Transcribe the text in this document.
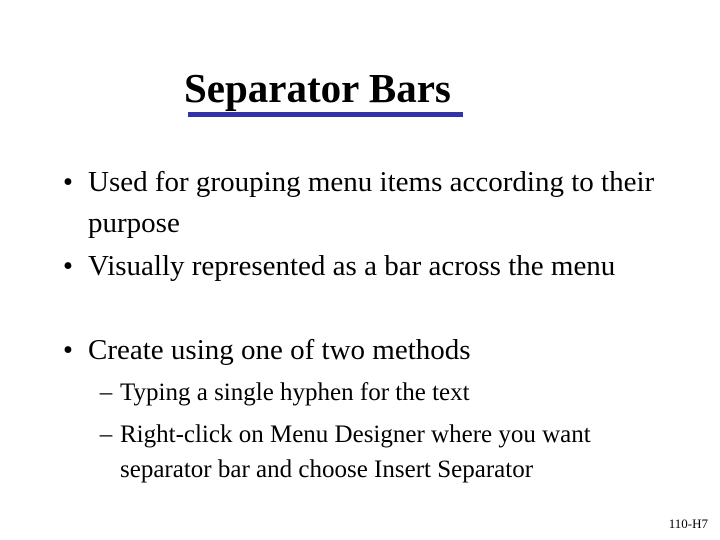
Separator Bars
• Used for grouping menu items according to their purpose
• Visually represented as a bar across the menu
• Create using one of two methods
– Typing a single hyphen for the text
– Right-click on Menu Designer where you want separator bar and choose Insert Separator
110-H7
